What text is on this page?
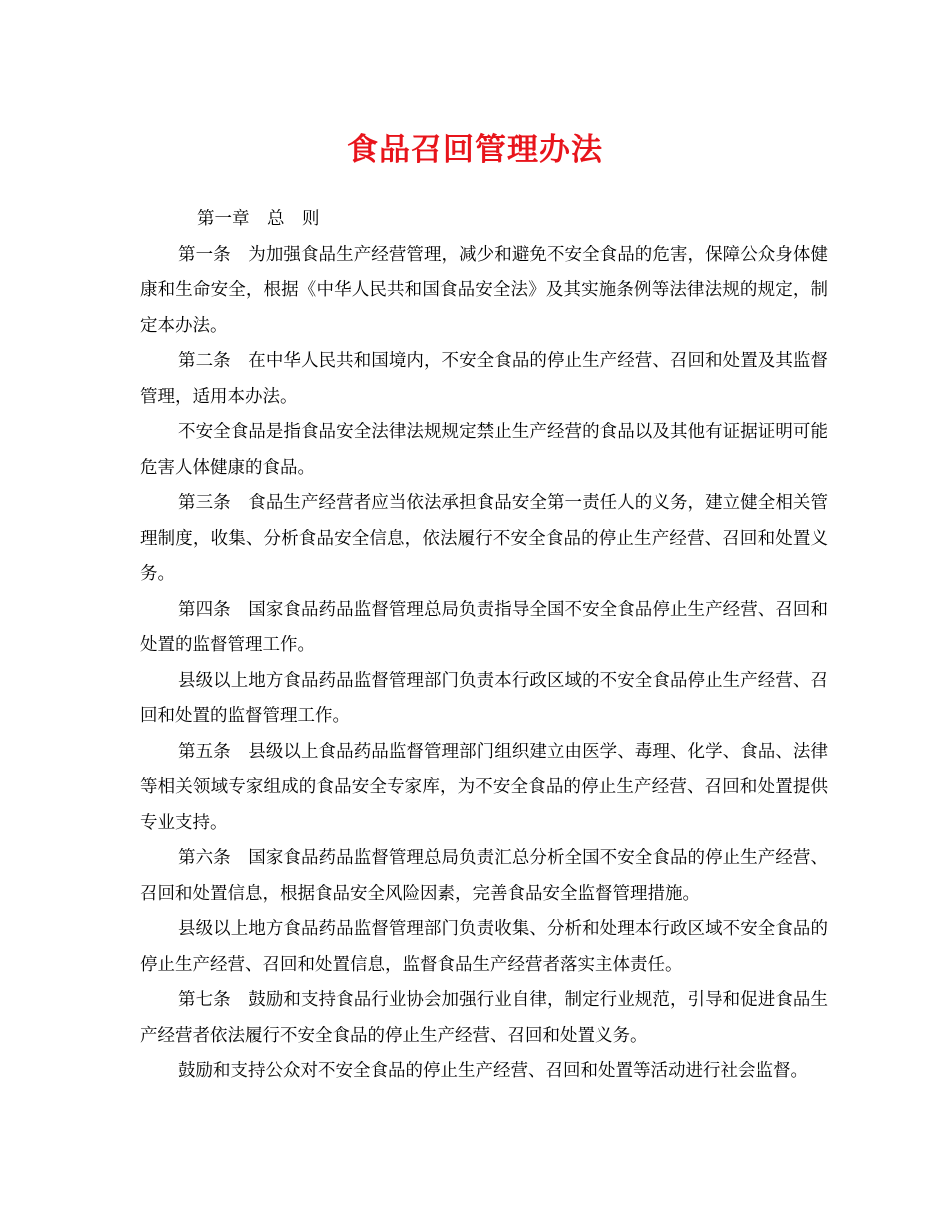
食品召回管理办法

第一章　总　则

第一条　为加强食品生产经营管理，减少和避免不安全食品的危害，保障公众身体健康和生命安全，根据《中华人民共和国食品安全法》及其实施条例等法律法规的规定，制定本办法。

第二条　在中华人民共和国境内，不安全食品的停止生产经营、召回和处置及其监督管理，适用本办法。

不安全食品是指食品安全法律法规规定禁止生产经营的食品以及其他有证据证明可能危害人体健康的食品。

第三条　食品生产经营者应当依法承担食品安全第一责任人的义务，建立健全相关管理制度，收集、分析食品安全信息，依法履行不安全食品的停止生产经营、召回和处置义务。

第四条　国家食品药品监督管理总局负责指导全国不安全食品停止生产经营、召回和处置的监督管理工作。

县级以上地方食品药品监督管理部门负责本行政区域的不安全食品停止生产经营、召回和处置的监督管理工作。

第五条　县级以上食品药品监督管理部门组织建立由医学、毒理、化学、食品、法律等相关领域专家组成的食品安全专家库，为不安全食品的停止生产经营、召回和处置提供专业支持。

第六条　国家食品药品监督管理总局负责汇总分析全国不安全食品的停止生产经营、召回和处置信息，根据食品安全风险因素，完善食品安全监督管理措施。

县级以上地方食品药品监督管理部门负责收集、分析和处理本行政区域不安全食品的停止生产经营、召回和处置信息，监督食品生产经营者落实主体责任。

第七条　鼓励和支持食品行业协会加强行业自律，制定行业规范，引导和促进食品生产经营者依法履行不安全食品的停止生产经营、召回和处置义务。

鼓励和支持公众对不安全食品的停止生产经营、召回和处置等活动进行社会监督。
